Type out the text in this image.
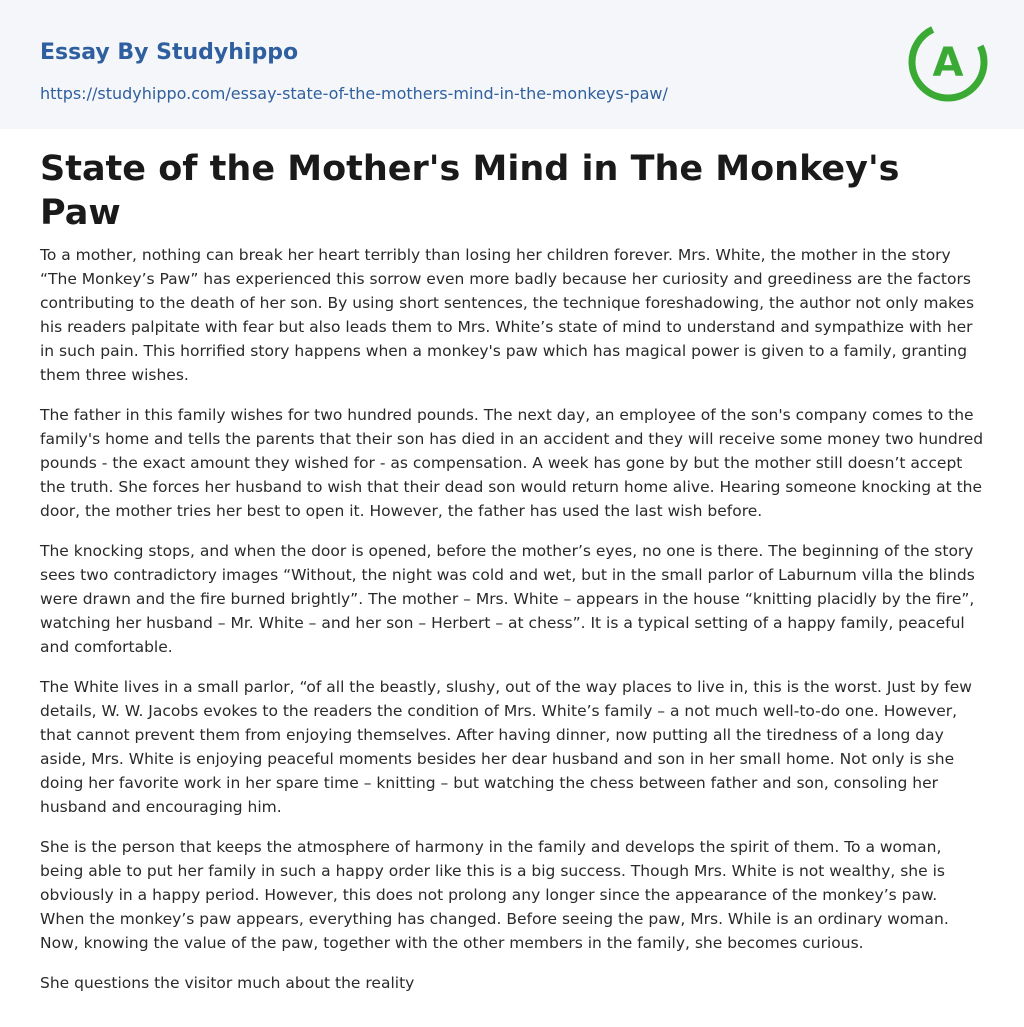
Essay By Studyhippo
https://studyhippo.com/essay-state-of-the-mothers-mind-in-the-monkeys-paw/
A
State of the Mother's Mind in The Monkey's Paw

To a mother, nothing can break her heart terribly than losing her children forever. Mrs. White, the mother in the story “The Monkey’s Paw” has experienced this sorrow even more badly because her curiosity and greediness are the factors contributing to the death of her son. By using short sentences, the technique foreshadowing, the author not only makes his readers palpitate with fear but also leads them to Mrs. White’s state of mind to understand and sympathize with her in such pain. This horrified story happens when a monkey's paw which has magical power is given to a family, granting them three wishes.

The father in this family wishes for two hundred pounds. The next day, an employee of the son's company comes to the family's home and tells the parents that their son has died in an accident and they will receive some money two hundred pounds - the exact amount they wished for - as compensation. A week has gone by but the mother still doesn’t accept the truth. She forces her husband to wish that their dead son would return home alive. Hearing someone knocking at the door, the mother tries her best to open it. However, the father has used the last wish before.

The knocking stops, and when the door is opened, before the mother’s eyes, no one is there. The beginning of the story sees two contradictory images “Without, the night was cold and wet, but in the small parlor of Laburnum villa the blinds were drawn and the fire burned brightly”. The mother – Mrs. White – appears in the house “knitting placidly by the fire”, watching her husband – Mr. White – and her son – Herbert – at chess”. It is a typical setting of a happy family, peaceful and comfortable.

The White lives in a small parlor, “of all the beastly, slushy, out of the way places to live in, this is the worst. Just by few details, W. W. Jacobs evokes to the readers the condition of Mrs. White’s family – a not much well-to-do one. However, that cannot prevent them from enjoying themselves. After having dinner, now putting all the tiredness of a long day aside, Mrs. White is enjoying peaceful moments besides her dear husband and son in her small home. Not only is she doing her favorite work in her spare time – knitting – but watching the chess between father and son, consoling her husband and encouraging him.

She is the person that keeps the atmosphere of harmony in the family and develops the spirit of them. To a woman, being able to put her family in such a happy order like this is a big success. Though Mrs. White is not wealthy, she is obviously in a happy period. However, this does not prolong any longer since the appearance of the monkey’s paw. When the monkey’s paw appears, everything has changed. Before seeing the paw, Mrs. While is an ordinary woman. Now, knowing the value of the paw, together with the other members in the family, she becomes curious.

She questions the visitor much about the reality
